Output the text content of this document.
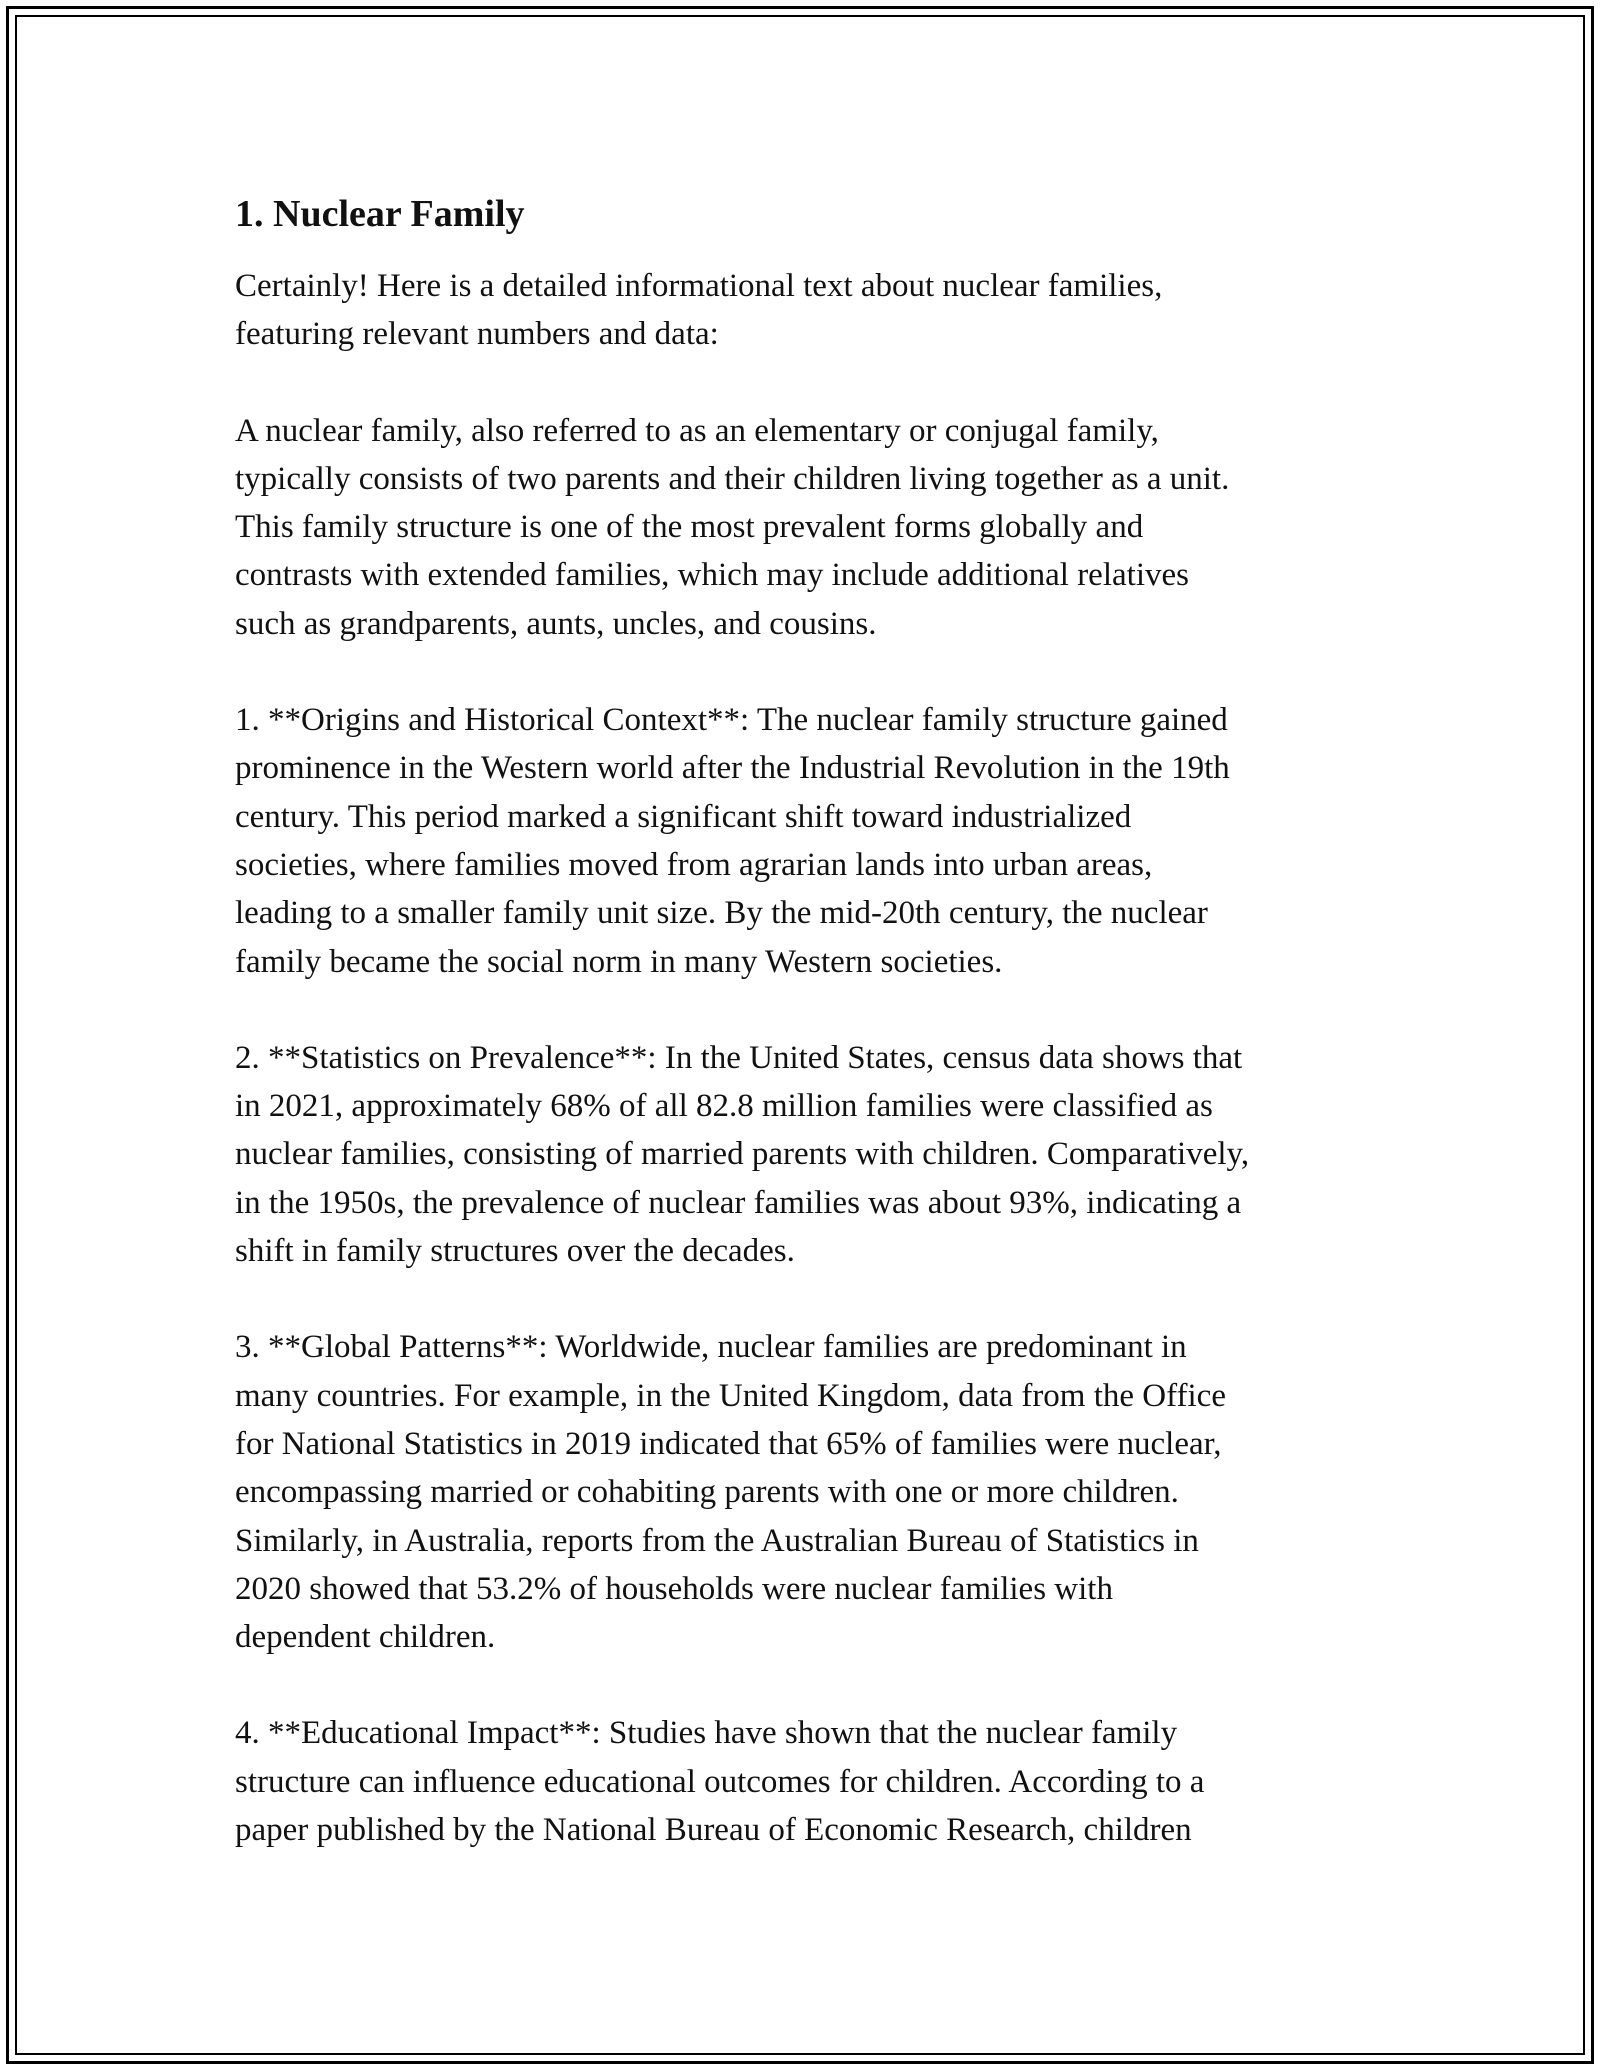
1. Nuclear Family
Certainly! Here is a detailed informational text about nuclear families,
featuring relevant numbers and data:
A nuclear family, also referred to as an elementary or conjugal family,
typically consists of two parents and their children living together as a unit.
This family structure is one of the most prevalent forms globally and
contrasts with extended families, which may include additional relatives
such as grandparents, aunts, uncles, and cousins.
1. **Origins and Historical Context**: The nuclear family structure gained
prominence in the Western world after the Industrial Revolution in the 19th
century. This period marked a significant shift toward industrialized
societies, where families moved from agrarian lands into urban areas,
leading to a smaller family unit size. By the mid-20th century, the nuclear
family became the social norm in many Western societies.
2. **Statistics on Prevalence**: In the United States, census data shows that
in 2021, approximately 68% of all 82.8 million families were classified as
nuclear families, consisting of married parents with children. Comparatively,
in the 1950s, the prevalence of nuclear families was about 93%, indicating a
shift in family structures over the decades.
3. **Global Patterns**: Worldwide, nuclear families are predominant in
many countries. For example, in the United Kingdom, data from the Office
for National Statistics in 2019 indicated that 65% of families were nuclear,
encompassing married or cohabiting parents with one or more children.
Similarly, in Australia, reports from the Australian Bureau of Statistics in
2020 showed that 53.2% of households were nuclear families with
dependent children.
4. **Educational Impact**: Studies have shown that the nuclear family
structure can influence educational outcomes for children. According to a
paper published by the National Bureau of Economic Research, children
